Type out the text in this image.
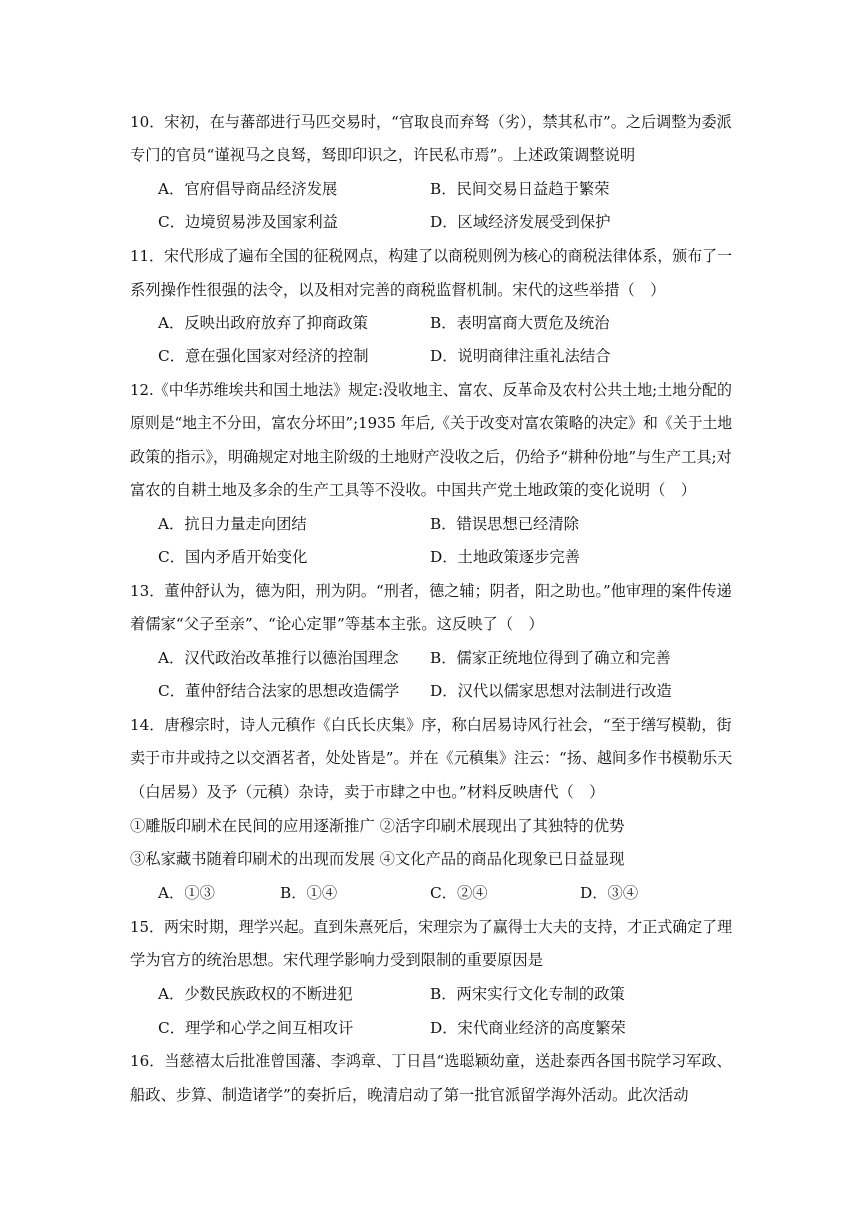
10．宋初，在与蕃部进行马匹交易时，“官取良而弃驽（劣），禁其私市”。之后调整为委派
专门的官员“谨视马之良驽，驽即印识之，许民私市焉”。上述政策调整说明
A．官府倡导商品经济发展	B．民间交易日益趋于繁荣
C．边境贸易涉及国家利益	D．区域经济发展受到保护
11．宋代形成了遍布全国的征税网点，构建了以商税则例为核心的商税法律体系，颁布了一
系列操作性很强的法令，以及相对完善的商税监督机制。宋代的这些举措（　）
A．反映出政府放弃了抑商政策	B．表明富商大贾危及统治
C．意在强化国家对经济的控制	D．说明商律注重礼法结合
12.《中华苏维埃共和国土地法》规定:没收地主、富农、反革命及农村公共土地;土地分配的
原则是“地主不分田，富农分坏田”;1935 年后,《关于改变对富农策略的决定》和《关于土地
政策的指示》，明确规定对地主阶级的土地财产没收之后，仍给予“耕种份地”与生产工具;对
富农的自耕土地及多余的生产工具等不没收。中国共产党土地政策的变化说明（　）
A．抗日力量走向团结	B．错误思想已经清除
C．国内矛盾开始变化	D．土地政策逐步完善
13．董仲舒认为，德为阳，刑为阴。“刑者，德之辅；阴者，阳之助也。”他审理的案件传递
着儒家“父子至亲”、“论心定罪”等基本主张。这反映了（　）
A．汉代政治改革推行以德治国理念 B．儒家正统地位得到了确立和完善
C．董仲舒结合法家的思想改造儒学 D．汉代以儒家思想对法制进行改造
14．唐穆宗时，诗人元稹作《白氏长庆集》序，称白居易诗风行社会，“至于缮写模勒，街
卖于市井或持之以交酒茗者，处处皆是”。并在《元稹集》注云：“扬、越间多作书模勒乐天
（白居易）及予（元稹）杂诗，卖于市肆之中也。”材料反映唐代（　）
①雕版印刷术在民间的应用逐渐推广 ②活字印刷术展现出了其独特的优势
③私家藏书随着印刷术的出现而发展 ④文化产品的商品化现象已日益显现
A．①③	B．①④	C．②④	D．③④
15．两宋时期，理学兴起。直到朱熹死后，宋理宗为了赢得士大夫的支持，才正式确定了理
学为官方的统治思想。宋代理学影响力受到限制的重要原因是
A．少数民族政权的不断进犯	B．两宋实行文化专制的政策
C．理学和心学之间互相攻讦	D．宋代商业经济的高度繁荣
16．当慈禧太后批准曾国藩、李鸿章、丁日昌“选聪颖幼童，送赴泰西各国书院学习军政、
船政、步算、制造诸学”的奏折后，晚清启动了第一批官派留学海外活动。此次活动
